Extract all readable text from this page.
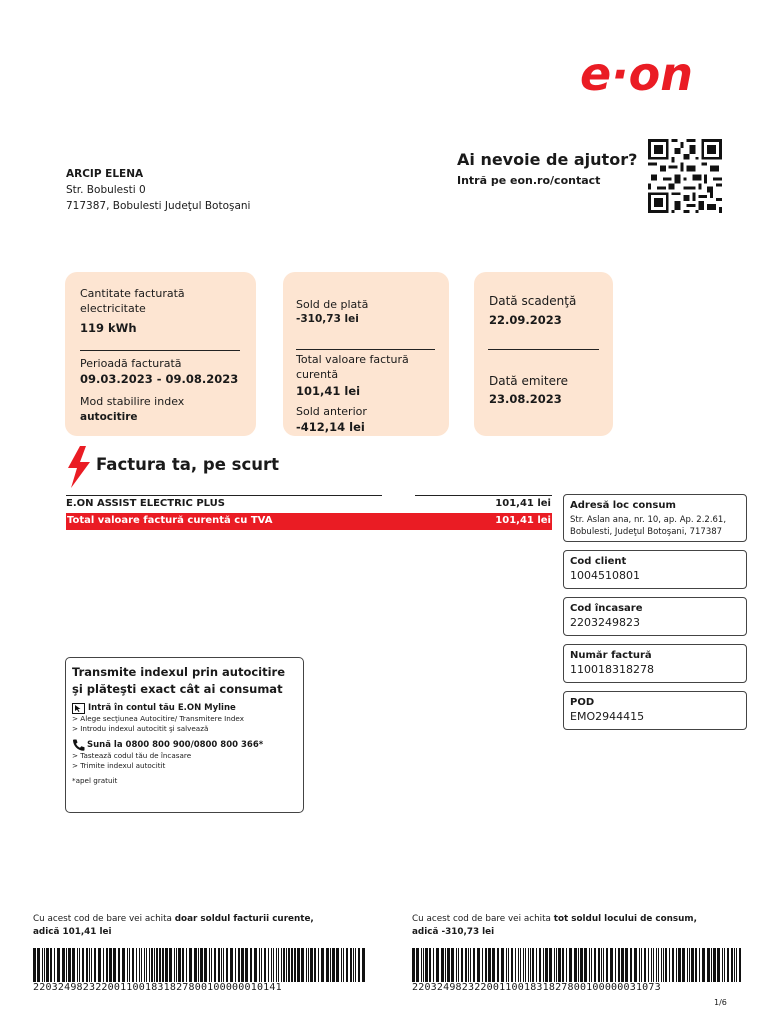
e·on
Ai nevoie de ajutor?
Intră pe eon.ro/contact
ARCIP ELENA
Str. Bobulesti 0
717387, Bobulesti Judeţul Botoşani
Cantitate facturată electricitate
119 kWh
Perioadă facturată
09.03.2023 - 09.08.2023
Mod stabilire index
autocitire
Sold de plată
-310,73 lei
Total valoare factură curentă
101,41 lei
Sold anterior
-412,14 lei
Dată scadenţă
22.09.2023
Dată emitere
23.08.2023
Factura ta, pe scurt
E.ON ASSIST ELECTRIC PLUS	101,41 lei
Total valoare factură curentă cu TVA	101,41 lei
Adresă loc consum
Str. Aslan ana, nr. 10, ap. Ap. 2.2.61, Bobulesti, Judeţul Botoşani, 717387
Cod client
1004510801
Cod încasare
2203249823
Număr factură
110018318278
POD
EMO2944415
Transmite indexul prin autocitire şi plăteşti exact cât ai consumat
Intră în contul tău E.ON Myline
> Alege secţiunea Autocitire/ Transmitere Index
> Introdu indexul autocitit şi salvează
Sună la 0800 800 900/0800 800 366*
> Tastează codul tău de încasare
> Trimite indexul autocitit
*apel gratuit
Cu acest cod de bare vei achita doar soldul facturii curente,
adică 101,41 lei
2203249823220011001831827800100000010141
Cu acest cod de bare vei achita tot soldul locului de consum,
adică -310,73 lei
2203249823220011001831827800100000031073
1/6
